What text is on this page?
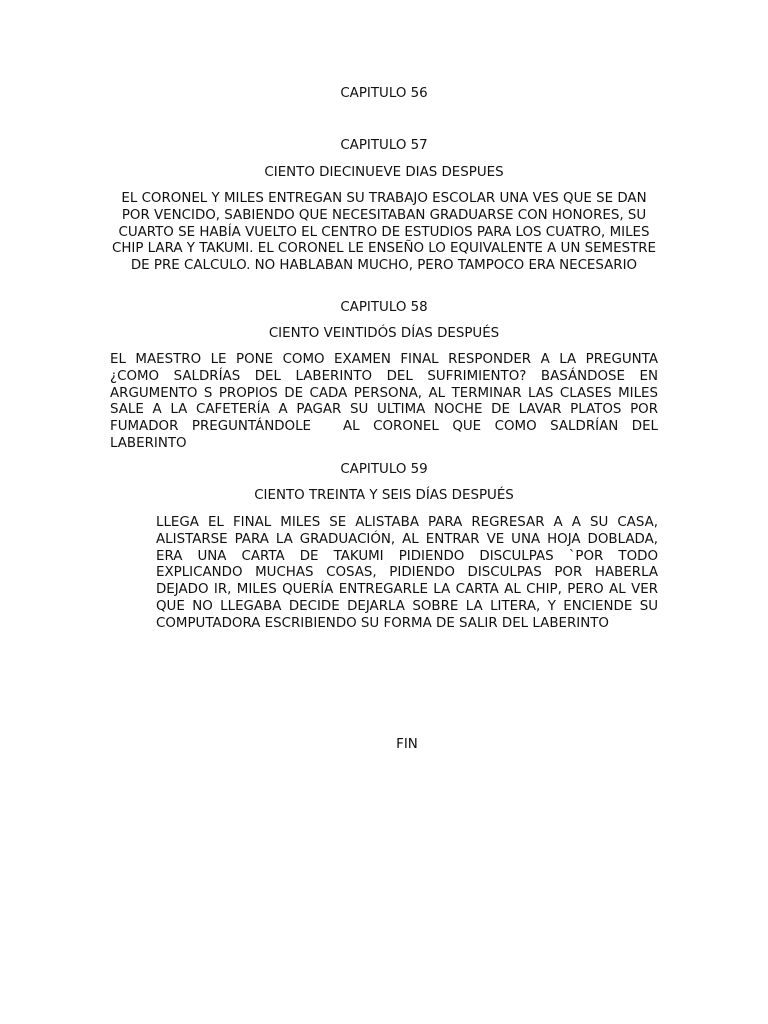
CAPITULO 56
CAPITULO 57
CIENTO DIECINUEVE DIAS DESPUES
EL CORONEL Y MILES ENTREGAN SU TRABAJO ESCOLAR UNA VES QUE SE DAN POR VENCIDO, SABIENDO QUE NECESITABAN GRADUARSE CON HONORES, SU CUARTO SE HABÍA VUELTO EL CENTRO DE ESTUDIOS PARA LOS CUATRO, MILES CHIP LARA Y TAKUMI. EL CORONEL LE ENSEÑO LO EQUIVALENTE A UN SEMESTRE DE PRE CALCULO. NO HABLABAN MUCHO, PERO TAMPOCO ERA NECESARIO
CAPITULO 58
CIENTO VEINTIDÓS DÍAS DESPUÉS
EL MAESTRO LE PONE COMO EXAMEN FINAL RESPONDER A LA PREGUNTA ¿COMO SALDRÍAS DEL LABERINTO DEL SUFRIMIENTO? BASÁNDOSE EN ARGUMENTO S PROPIOS DE CADA PERSONA, AL TERMINAR LAS CLASES MILES SALE A LA CAFETERÍA A PAGAR SU ULTIMA NOCHE DE LAVAR PLATOS POR FUMADOR PREGUNTÁNDOLE AL CORONEL QUE COMO SALDRÍAN DEL LABERINTO
CAPITULO 59
CIENTO TREINTA Y SEIS DÍAS DESPUÉS
LLEGA EL FINAL MILES SE ALISTABA PARA REGRESAR A A SU CASA, ALISTARSE PARA LA GRADUACIÓN, AL ENTRAR VE UNA HOJA DOBLADA, ERA UNA CARTA DE TAKUMI PIDIENDO DISCULPAS `POR TODO EXPLICANDO MUCHAS COSAS, PIDIENDO DISCULPAS POR HABERLA DEJADO IR, MILES QUERÍA ENTREGARLE LA CARTA AL CHIP, PERO AL VER QUE NO LLEGABA DECIDE DEJARLA SOBRE LA LITERA, Y ENCIENDE SU COMPUTADORA ESCRIBIENDO SU FORMA DE SALIR DEL LABERINTO
FIN
